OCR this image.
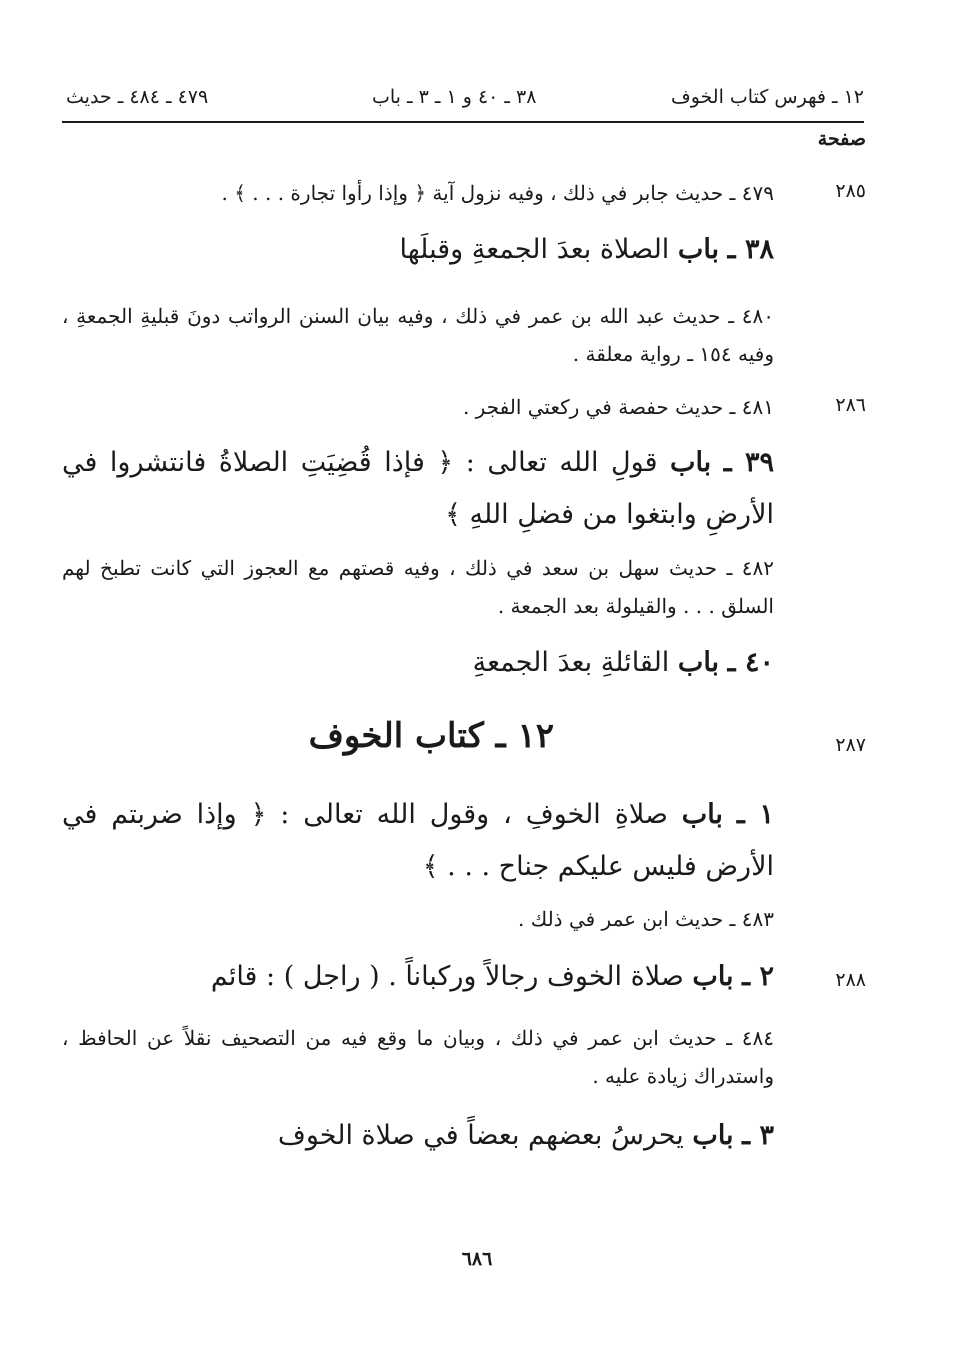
١٢ ـ فهرس كتاب الخوف
٣٨ ـ ٤٠ و ١ ـ ٣ ـ باب
٤٧٩ ـ ٤٨٤ ـ حديث
صفحة
٢٨٥
٤٧٩ ـ حديث جابر في ذلك ، وفيه نزول آية ﴿ وإذا رأوا تجارة . . . ﴾ .
٣٨ ـ باب الصلاة بعدَ الجمعةِ وقبلَها
٤٨٠ ـ حديث عبد الله بن عمر في ذلك ، وفيه بيان السنن الرواتب دونَ قبليةِ الجمعةِ ، وفيه ١٥٤ ـ رواية معلقة .
٢٨٦
٤٨١ ـ حديث حفصة في ركعتي الفجر .
٣٩ ـ باب قولِ الله تعالى : ﴿ فإذا قُضِيَتِ الصلاةُ فانتشروا في الأرضِ وابتغوا من فضلِ اللهِ ﴾
٤٨٢ ـ حديث سهل بن سعد في ذلك ، وفيه قصتهم مع العجوز التي كانت تطبخ لهم السلق . . . والقيلولة بعد الجمعة .
٤٠ ـ باب القائلةِ بعدَ الجمعةِ
٢٨٧
١٢ ـ كتاب الخوف
١ ـ باب صلاةِ الخوفِ ، وقول الله تعالى : ﴿ وإذا ضربتم في الأرض فليس عليكم جناح . . . ﴾
٤٨٣ ـ حديث ابن عمر في ذلك .
٢٨٨
٢ ـ باب صلاة الخوف رجالاً وركباناً . ( راجل ) : قائم
٤٨٤ ـ حديث ابن عمر في ذلك ، وبيان ما وقع فيه من التصحيف نقلاً عن الحافظ ، واستدراك زيادة عليه .
٣ ـ باب يحرسُ بعضهم بعضاً في صلاة الخوف
٦٨٦
